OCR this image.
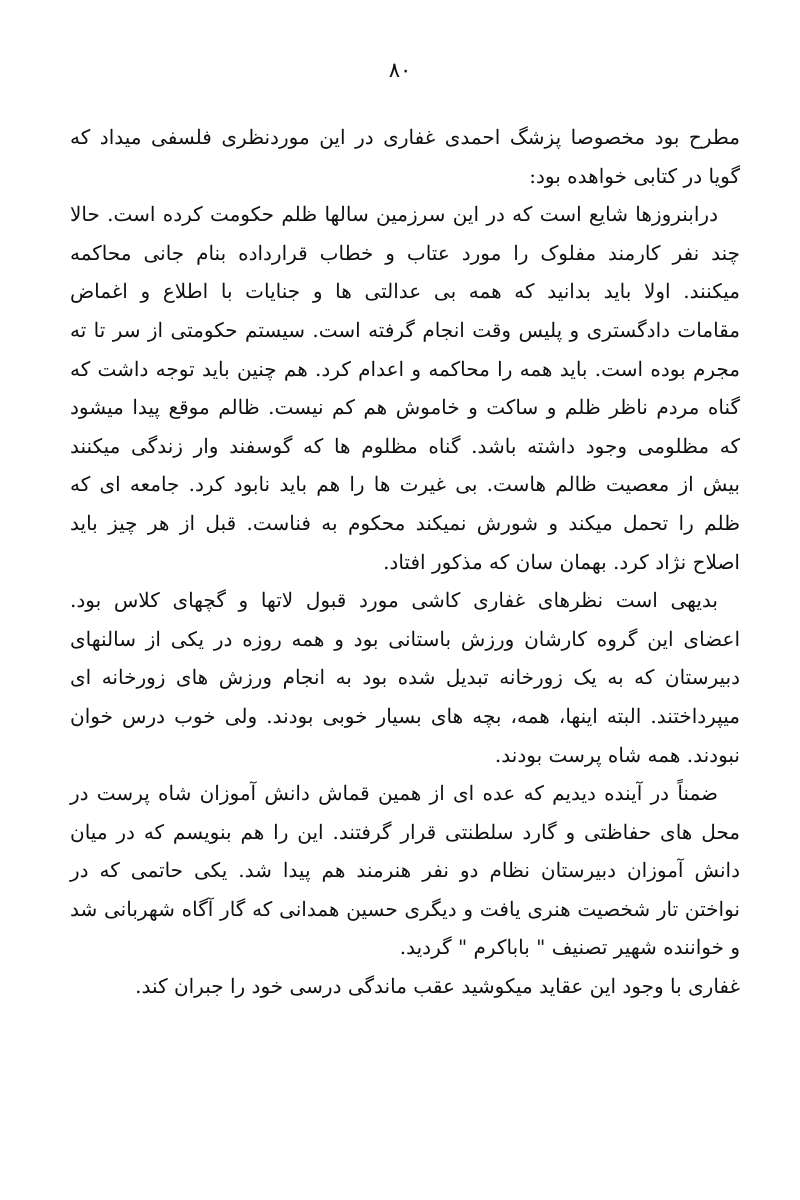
۸۰

مطرح بود مخصوصا پزشگ احمدی غفاری در این موردنظری فلسفی میداد که
گویا در کتابی خواهده بود:

درابنروزها شایع است که در این سرزمین سالها ظلم حکومت کرده است. حالا
چند نفر کارمند مفلوک را مورد عتاب و خطاب قرارداده بنام جانی محاکمه
میکنند. اولا باید بدانید که همه بی عدالتی ها و جنایات با اطلاع و اغماض
مقامات دادگستری و پلیس وقت انجام گرفته است. سیستم حکومتی از سر تا ته
مجرم بوده است. باید همه را محاکمه و اعدام کرد. هم چنین باید توجه داشت که
گناه مردم ناظر ظلم و ساکت و خاموش هم کم نیست. ظالم موقع پیدا میشود
که مظلومی وجود داشته باشد. گناه مظلوم ها که گوسفند وار زندگی میکنند
بیش از معصیت ظالم هاست. بی غیرت ها را هم باید نابود کرد. جامعه ای که
ظلم را تحمل میکند و شورش نمیکند محکوم به فناست. قبل از هر چیز باید
اصلاح نژاد کرد. بهمان سان که مذکور افتاد.

بدیهی است نظرهای غفاری کاشی مورد قبول لاتها و گچهای کلاس بود.
اعضای این گروه کارشان ورزش باستانی بود و همه روزه در یکی از سالنهای
دبیرستان که به یک زورخانه تبدیل شده بود به انجام ورزش های زورخانه ای
میپرداختند. البته اینها، همه، بچه های بسیار خوبی بودند. ولی خوب درس خوان
نبودند. همه شاه پرست بودند.

ضمناً در آینده دیدیم که عده ای از همین قماش دانش آموزان شاه پرست در
محل های حفاظتی و گارد سلطنتی قرار گرفتند. این را هم بنویسم که در میان
دانش آموزان دبیرستان نظام دو نفر هنرمند هم پیدا شد. یکی حاتمی که در
نواختن تار شخصیت هنری یافت و دیگری حسین همدانی که گار آگاه شهربانی شد
و خواننده شهیر تصنیف " باباکرم " گردید.

غفاری با وجود این عقاید میکوشید عقب ماندگی درسی خود را جبران کند.
